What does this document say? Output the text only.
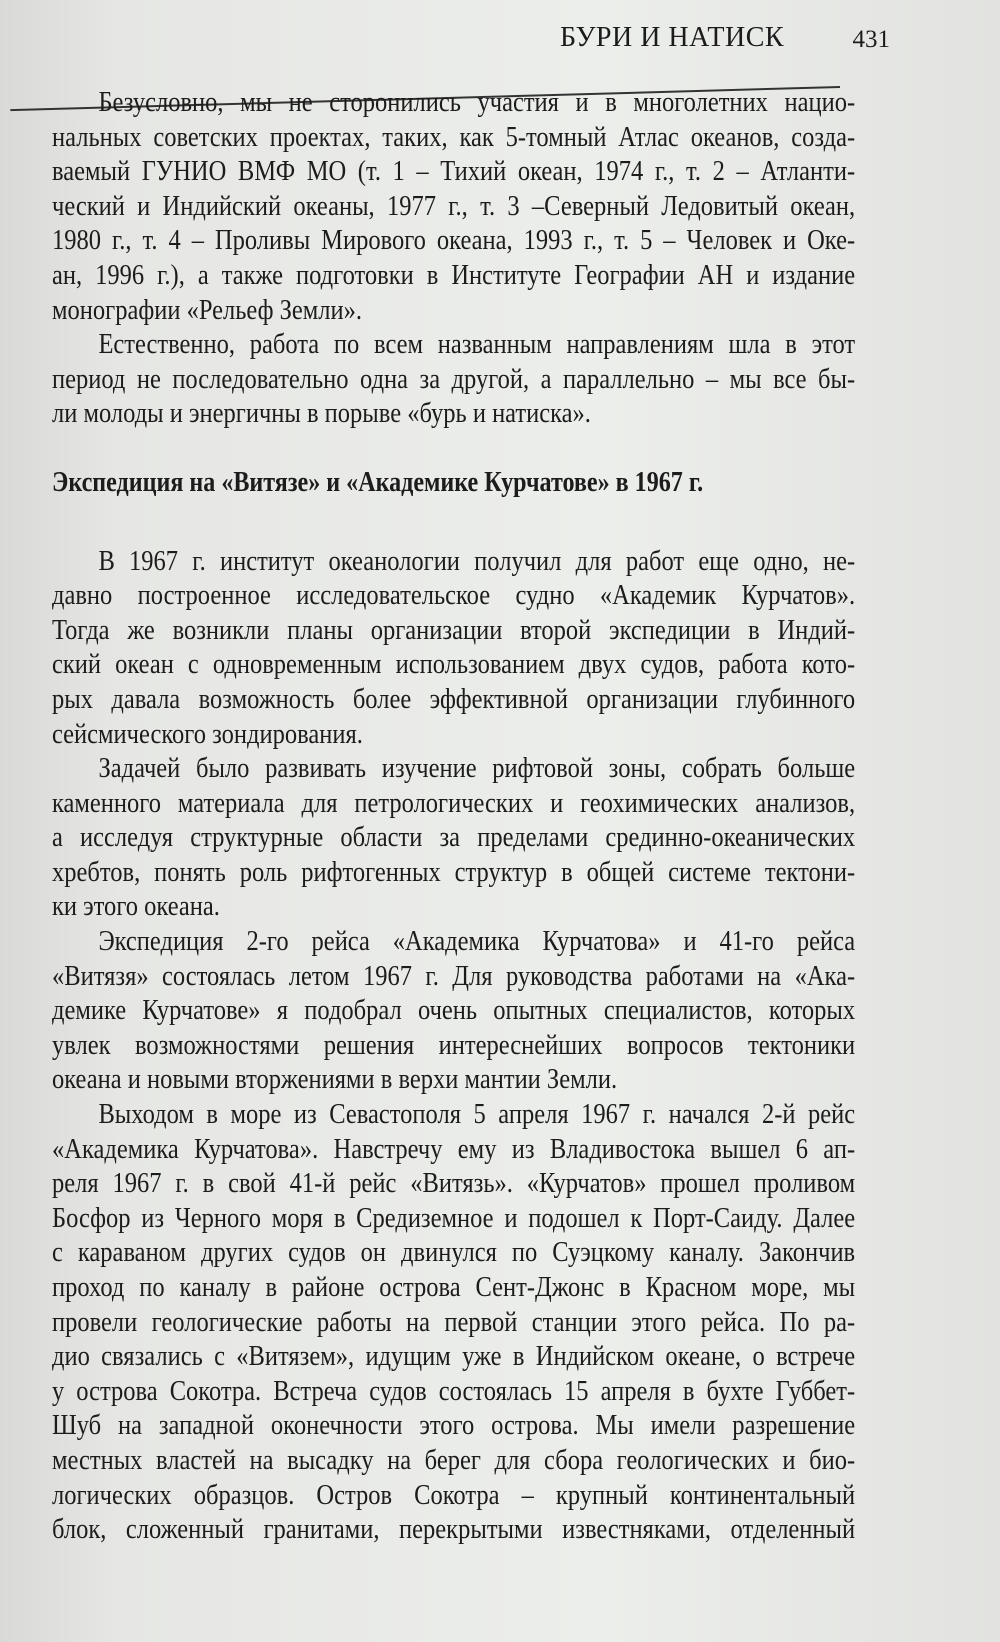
БУРИ И НАТИСК	431
Безусловно, мы не сторонились участия и в многолетних нацио-
нальных советских проектах, таких, как 5-томный Атлас океанов, созда-
ваемый ГУНИО ВМФ МО (т. 1 – Тихий океан, 1974 г., т. 2 – Атланти-
ческий и Индийский океаны, 1977 г., т. 3 –Северный Ледовитый океан,
1980 г., т. 4 – Проливы Мирового океана, 1993 г., т. 5 – Человек и Оке-
ан, 1996 г.), а также подготовки в Институте Географии АН и издание
монографии «Рельеф Земли».
Естественно, работа по всем названным направлениям шла в этот
период не последовательно одна за другой, а параллельно – мы все бы-
ли молоды и энергичны в порыве «бурь и натиска».
Экспедиция на «Витязе» и «Академике Курчатове» в 1967 г.
В 1967 г. институт океанологии получил для работ еще одно, не-
давно построенное исследовательское судно «Академик Курчатов».
Тогда же возникли планы организации второй экспедиции в Индий-
ский океан с одновременным использованием двух судов, работа кото-
рых давала возможность более эффективной организации глубинного
сейсмического зондирования.
Задачей было развивать изучение рифтовой зоны, собрать больше
каменного материала для петрологических и геохимических анализов,
а исследуя структурные области за пределами срединно-океанических
хребтов, понять роль рифтогенных структур в общей системе тектони-
ки этого океана.
Экспедиция 2-го рейса «Академика Курчатова» и 41-го рейса
«Витязя» состоялась летом 1967 г. Для руководства работами на «Ака-
демике Курчатове» я подобрал очень опытных специалистов, которых
увлек возможностями решения интереснейших вопросов тектоники
океана и новыми вторжениями в верхи мантии Земли.
Выходом в море из Севастополя 5 апреля 1967 г. начался 2-й рейс
«Академика Курчатова». Навстречу ему из Владивостока вышел 6 ап-
реля 1967 г. в свой 41-й рейс «Витязь». «Курчатов» прошел проливом
Босфор из Черного моря в Средиземное и подошел к Порт-Саиду. Далее
с караваном других судов он двинулся по Суэцкому каналу. Закончив
проход по каналу в районе острова Сент-Джонс в Красном море, мы
провели геологические работы на первой станции этого рейса. По ра-
дио связались с «Витязем», идущим уже в Индийском океане, о встрече
у острова Сокотра. Встреча судов состоялась 15 апреля в бухте Губбет-
Шуб на западной оконечности этого острова. Мы имели разрешение
местных властей на высадку на берег для сбора геологических и био-
логических образцов. Остров Сокотра – крупный континентальный
блок, сложенный гранитами, перекрытыми известняками, отделенный
